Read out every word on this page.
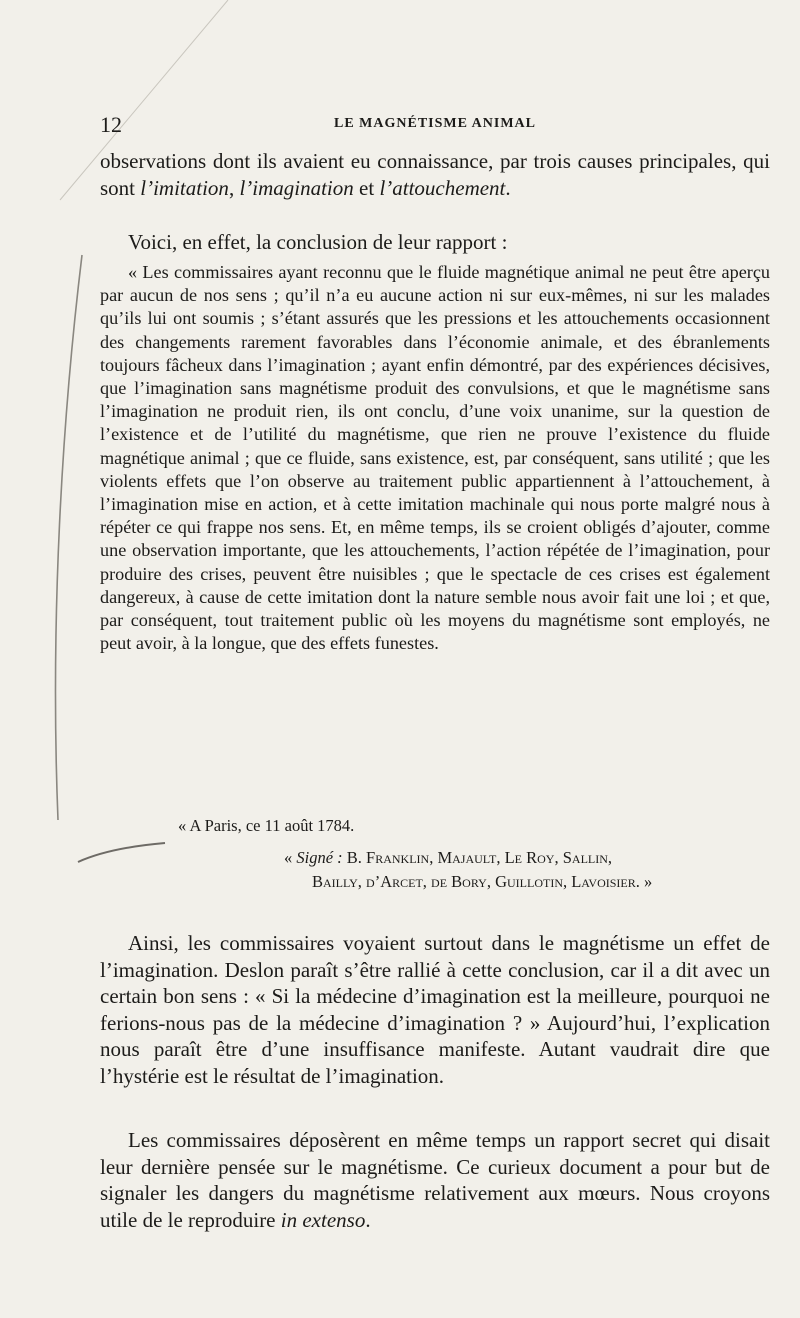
12	LE MAGNÉTISME ANIMAL

observations dont ils avaient eu connaissance, par trois causes principales, qui sont l’imitation, l’imagination et l’attouchement.

Voici, en effet, la conclusion de leur rapport :

« Les commissaires ayant reconnu que le fluide magnétique animal ne peut être aperçu par aucun de nos sens ; qu’il n’a eu aucune action ni sur eux-mêmes, ni sur les malades qu’ils lui ont soumis ; s’étant assurés que les pressions et les attouchements occasionnent des changements rarement favorables dans l’économie animale, et des ébranlements toujours fâcheux dans l’imagination ; ayant enfin démontré, par des expériences décisives, que l’imagination sans magnétisme produit des convulsions, et que le magnétisme sans l’imagination ne produit rien, ils ont conclu, d’une voix unanime, sur la question de l’existence et de l’utilité du magnétisme, que rien ne prouve l’existence du fluide magnétique animal ; que ce fluide, sans existence, est, par conséquent, sans utilité ; que les violents effets que l’on observe au traitement public appartiennent à l’attouchement, à l’imagination mise en action, et à cette imitation machinale qui nous porte malgré nous à répéter ce qui frappe nos sens. Et, en même temps, ils se croient obligés d’ajouter, comme une observation importante, que les attouchements, l’action répétée de l’imagination, pour produire des crises, peuvent être nuisibles ; que le spectacle de ces crises est également dangereux, à cause de cette imitation dont la nature semble nous avoir fait une loi ; et que, par conséquent, tout traitement public où les moyens du magnétisme sont employés, ne peut avoir, à la longue, que des effets funestes.

« A Paris, ce 11 août 1784.
« Signé : B. Franklin, Majault, Le Roy, Sallin,
Bailly, d’Arcet, de Bory, Guillotin, Lavoisier. »

Ainsi, les commissaires voyaient surtout dans le magnétisme un effet de l’imagination. Deslon paraît s’être rallié à cette conclusion, car il a dit avec un certain bon sens : « Si la médecine d’imagination est la meilleure, pourquoi ne ferions-nous pas de la médecine d’imagination ? » Aujourd’hui, l’explication nous paraît être d’une insuffisance manifeste. Autant vaudrait dire que l’hystérie est le résultat de l’imagination.

Les commissaires déposèrent en même temps un rapport secret qui disait leur dernière pensée sur le magnétisme. Ce curieux document a pour but de signaler les dangers du magnétisme relativement aux mœurs. Nous croyons utile de le reproduire in extenso.
